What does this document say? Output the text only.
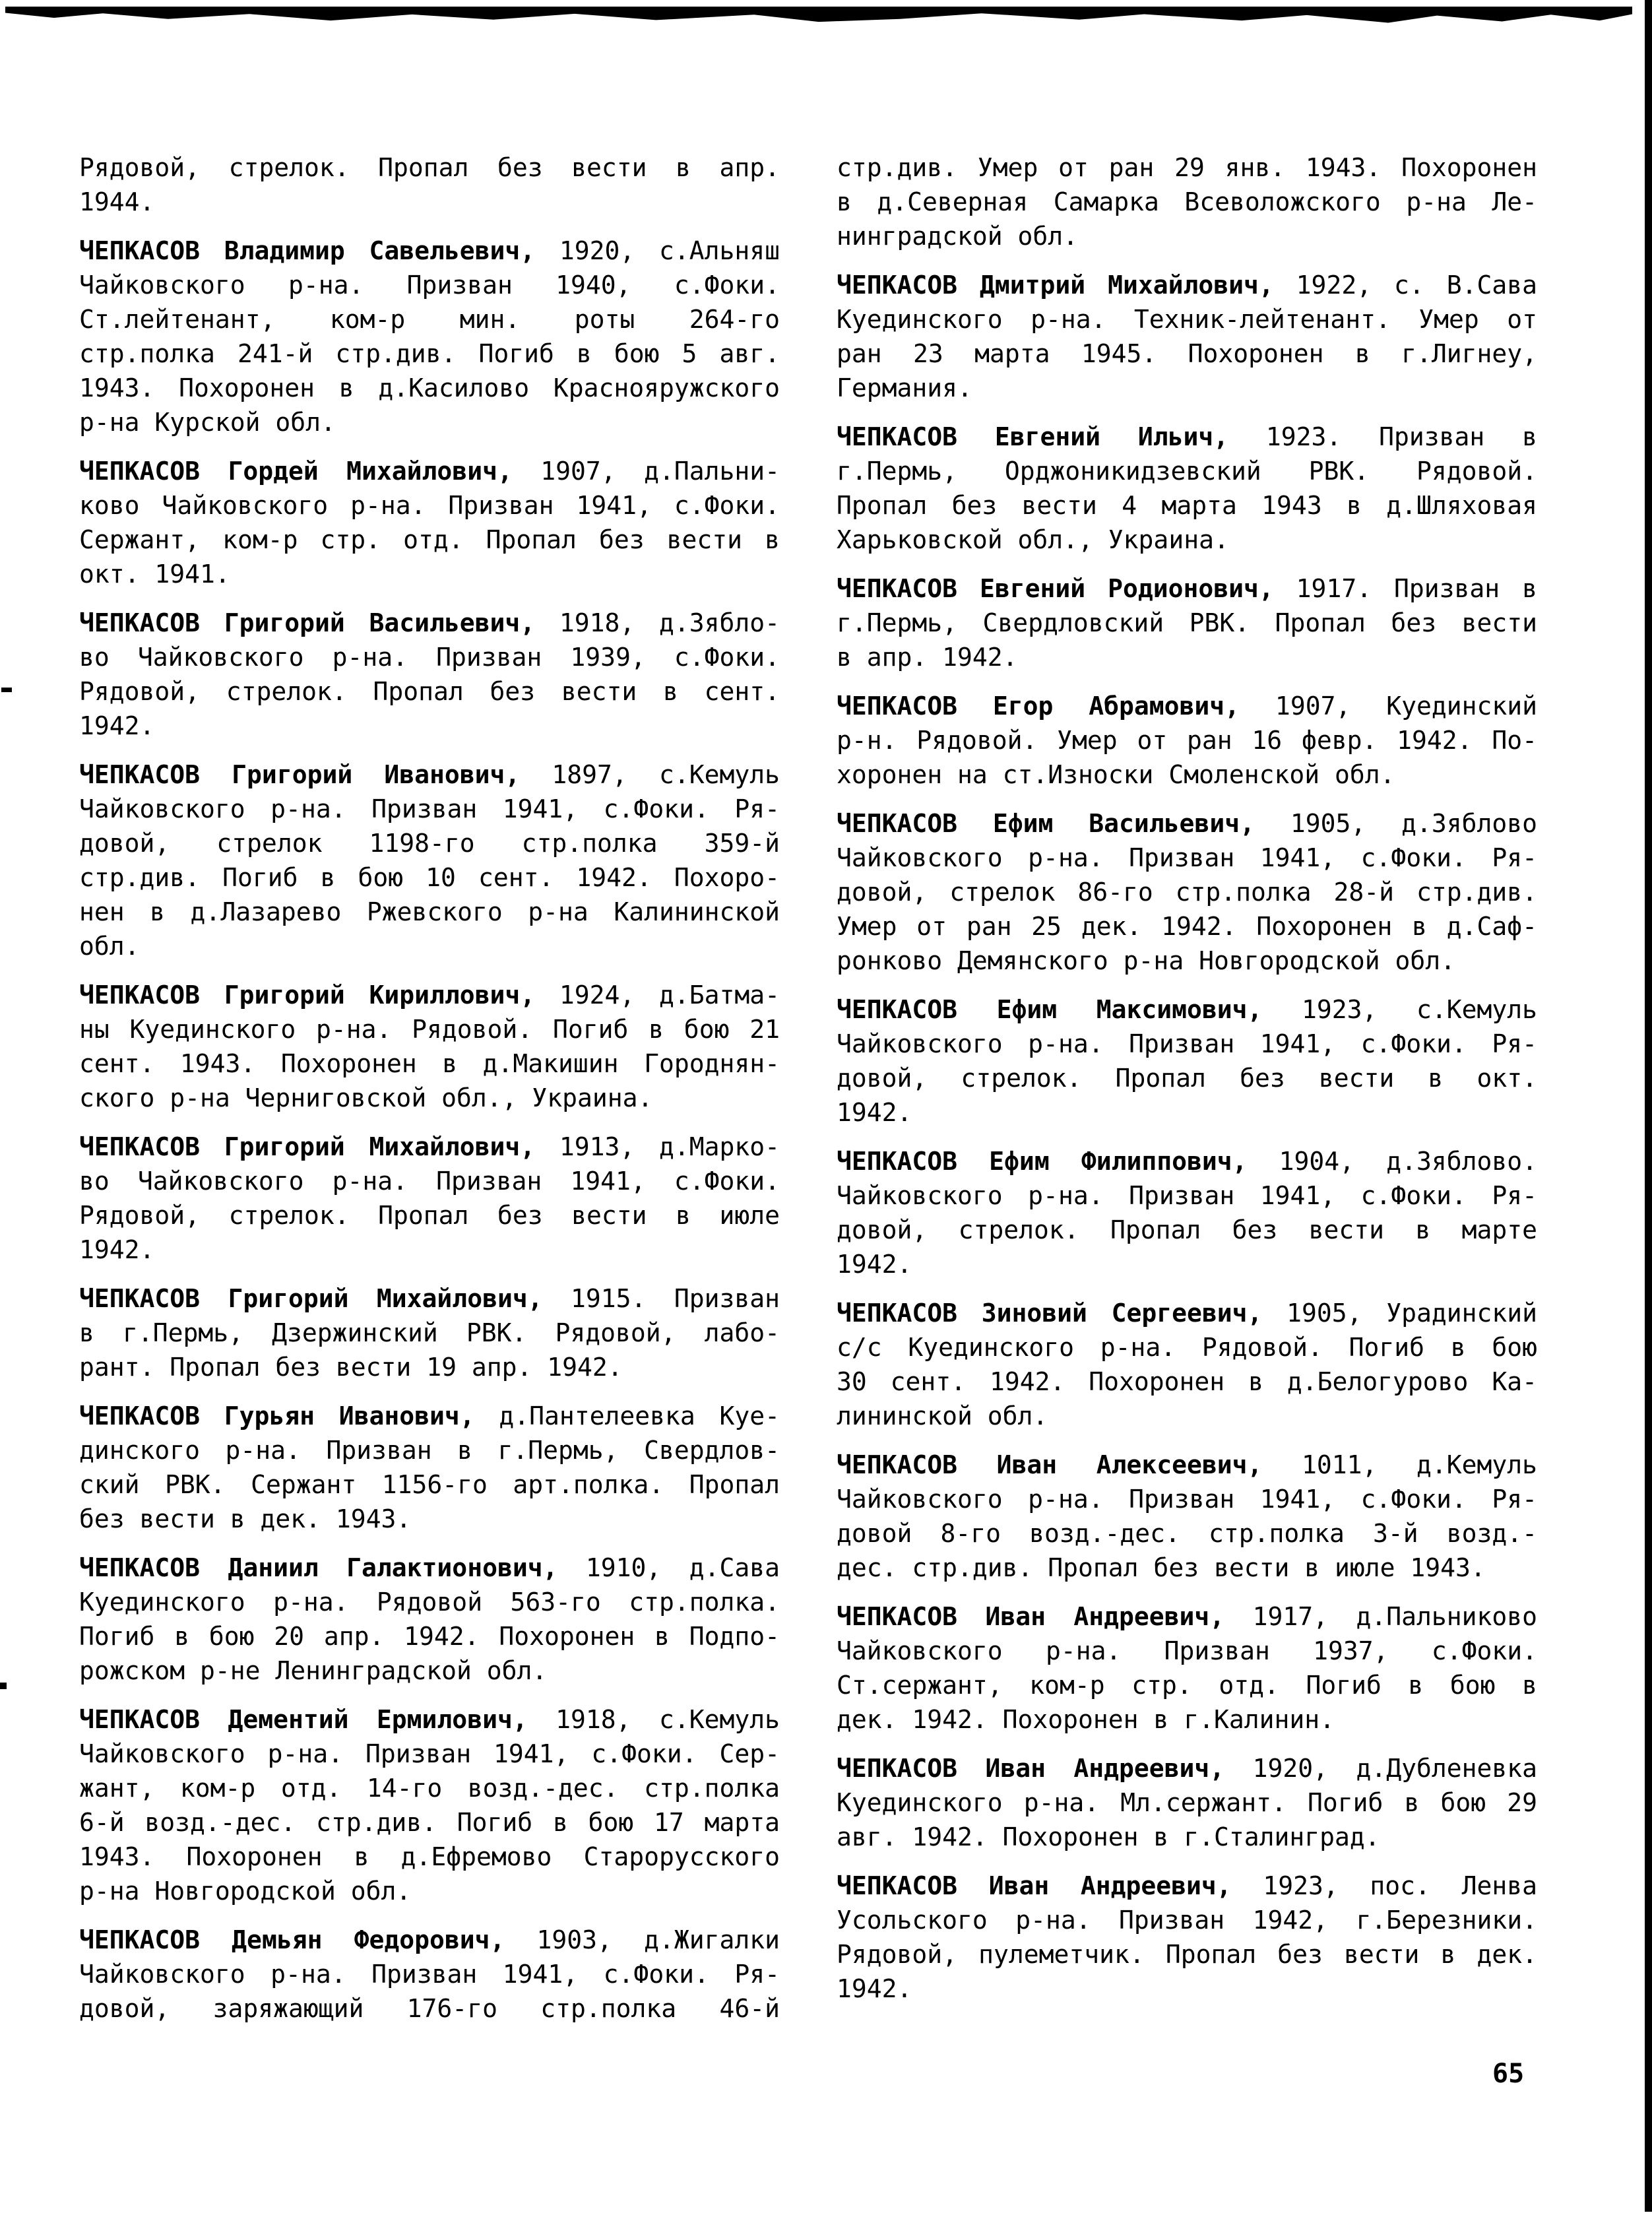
Рядовой, стрелок. Пропал без вести в апр.
1944.
ЧЕПКАСОВ Владимир Савельевич, 1920, с.Альняш
Чайковского р-на. Призван 1940, с.Фоки.
Ст.лейтенант, ком-р мин. роты 264-го
стр.полка 241-й стр.див. Погиб в бою 5 авг.
1943. Похоронен в д.Касилово Краснояружского
р-на Курской обл.
ЧЕПКАСОВ Гордей Михайлович, 1907, д.Пальни-
ково Чайковского р-на. Призван 1941, с.Фоки.
Сержант, ком-р стр. отд. Пропал без вести в
окт. 1941.
ЧЕПКАСОВ Григорий Васильевич, 1918, д.Зябло-
во Чайковского р-на. Призван 1939, с.Фоки.
Рядовой, стрелок. Пропал без вести в сент.
1942.
ЧЕПКАСОВ Григорий Иванович, 1897, с.Кемуль
Чайковского р-на. Призван 1941, с.Фоки. Ря-
довой, стрелок 1198-го стр.полка 359-й
стр.див. Погиб в бою 10 сент. 1942. Похоро-
нен в д.Лазарево Ржевского р-на Калининской
обл.
ЧЕПКАСОВ Григорий Кириллович, 1924, д.Батма-
ны Куединского р-на. Рядовой. Погиб в бою 21
сент. 1943. Похоронен в д.Макишин Городнян-
ского р-на Черниговской обл., Украина.
ЧЕПКАСОВ Григорий Михайлович, 1913, д.Марко-
во Чайковского р-на. Призван 1941, с.Фоки.
Рядовой, стрелок. Пропал без вести в июле
1942.
ЧЕПКАСОВ Григорий Михайлович, 1915. Призван
в г.Пермь, Дзержинский РВК. Рядовой, лабо-
рант. Пропал без вести 19 апр. 1942.
ЧЕПКАСОВ Гурьян Иванович, д.Пантелеевка Куе-
динского р-на. Призван в г.Пермь, Свердлов-
ский РВК. Сержант 1156-го арт.полка. Пропал
без вести в дек. 1943.
ЧЕПКАСОВ Даниил Галактионович, 1910, д.Сава
Куединского р-на. Рядовой 563-го стр.полка.
Погиб в бою 20 апр. 1942. Похоронен в Подпо-
рожском р-не Ленинградской обл.
ЧЕПКАСОВ Дементий Ермилович, 1918, с.Кемуль
Чайковского р-на. Призван 1941, с.Фоки. Сер-
жант, ком-р отд. 14-го возд.-дес. стр.полка
6-й возд.-дес. стр.див. Погиб в бою 17 марта
1943. Похоронен в д.Ефремово Старорусского
р-на Новгородской обл.
ЧЕПКАСОВ Демьян Федорович, 1903, д.Жигалки
Чайковского р-на. Призван 1941, с.Фоки. Ря-
довой, заряжающий 176-го стр.полка 46-й
стр.див. Умер от ран 29 янв. 1943. Похоронен
в д.Северная Самарка Всеволожского р-на Ле-
нинградской обл.
ЧЕПКАСОВ Дмитрий Михайлович, 1922, с. В.Сава
Куединского р-на. Техник-лейтенант. Умер от
ран 23 марта 1945. Похоронен в г.Лигнеу,
Германия.
ЧЕПКАСОВ Евгений Ильич, 1923. Призван в
г.Пермь, Орджоникидзевский РВК. Рядовой.
Пропал без вести 4 марта 1943 в д.Шляховая
Харьковской обл., Украина.
ЧЕПКАСОВ Евгений Родионович, 1917. Призван в
г.Пермь, Свердловский РВК. Пропал без вести
в апр. 1942.
ЧЕПКАСОВ Егор Абрамович, 1907, Куединский
р-н. Рядовой. Умер от ран 16 февр. 1942. По-
хоронен на ст.Износки Смоленской обл.
ЧЕПКАСОВ Ефим Васильевич, 1905, д.Зяблово
Чайковского р-на. Призван 1941, с.Фоки. Ря-
довой, стрелок 86-го стр.полка 28-й стр.див.
Умер от ран 25 дек. 1942. Похоронен в д.Саф-
ронково Демянского р-на Новгородской обл.
ЧЕПКАСОВ Ефим Максимович, 1923, с.Кемуль
Чайковского р-на. Призван 1941, с.Фоки. Ря-
довой, стрелок. Пропал без вести в окт.
1942.
ЧЕПКАСОВ Ефим Филиппович, 1904, д.Зяблово.
Чайковского р-на. Призван 1941, с.Фоки. Ря-
довой, стрелок. Пропал без вести в марте
1942.
ЧЕПКАСОВ Зиновий Сергеевич, 1905, Урадинский
с/с Куединского р-на. Рядовой. Погиб в бою
30 сент. 1942. Похоронен в д.Белогурово Ка-
лининской обл.
ЧЕПКАСОВ Иван Алексеевич, 1011, д.Кемуль
Чайковского р-на. Призван 1941, с.Фоки. Ря-
довой 8-го возд.-дес. стр.полка 3-й возд.-
дес. стр.див. Пропал без вести в июле 1943.
ЧЕПКАСОВ Иван Андреевич, 1917, д.Пальниково
Чайковского р-на. Призван 1937, с.Фоки.
Ст.сержант, ком-р стр. отд. Погиб в бою в
дек. 1942. Похоронен в г.Калинин.
ЧЕПКАСОВ Иван Андреевич, 1920, д.Дубленевка
Куединского р-на. Мл.сержант. Погиб в бою 29
авг. 1942. Похоронен в г.Сталинград.
ЧЕПКАСОВ Иван Андреевич, 1923, пос. Ленва
Усольского р-на. Призван 1942, г.Березники.
Рядовой, пулеметчик. Пропал без вести в дек.
1942.
65
